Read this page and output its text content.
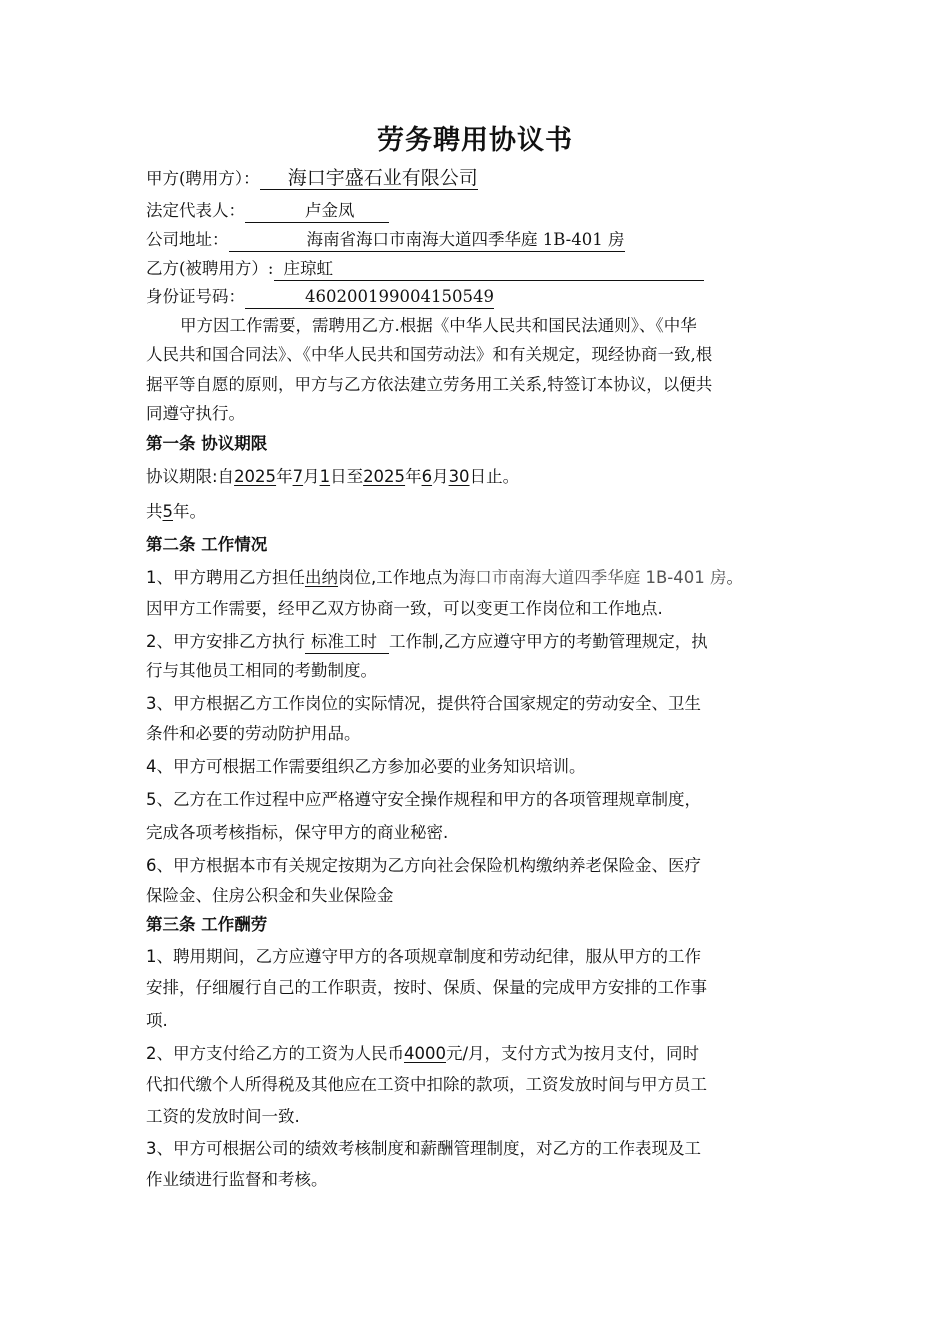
劳务聘用协议书
甲方(聘用方）： 海口宇盛石业有限公司
法定代表人：	卢金凤
公司地址：	海南省海口市南海大道四季华庭 1B-401 房
乙方(被聘用方）: 庄琼虹
身份证号码：	460200199004150549
甲方因工作需要，需聘用乙方.根据《中华人民共和国民法通则》、《中华
人民共和国合同法》、《中华人民共和国劳动法》和有关规定，现经协商一致,根
据平等自愿的原则，甲方与乙方依法建立劳务用工关系,特签订本协议，以便共
同遵守执行。
第一条 协议期限
协议期限:自2025年7月1日至2025年6月30日止。
共5年。
第二条 工作情况
1、甲方聘用乙方担任出纳岗位,工作地点为海口市南海大道四季华庭 1B-401 房。
因甲方工作需要，经甲乙双方协商一致，可以变更工作岗位和工作地点.
2、甲方安排乙方执行 标准工时 工作制,乙方应遵守甲方的考勤管理规定，执
行与其他员工相同的考勤制度。
3、甲方根据乙方工作岗位的实际情况，提供符合国家规定的劳动安全、卫生
条件和必要的劳动防护用品。
4、甲方可根据工作需要组织乙方参加必要的业务知识培训。
5、乙方在工作过程中应严格遵守安全操作规程和甲方的各项管理规章制度，
完成各项考核指标，保守甲方的商业秘密.
6、甲方根据本市有关规定按期为乙方向社会保险机构缴纳养老保险金、医疗
保险金、住房公积金和失业保险金
第三条 工作酬劳
1、聘用期间，乙方应遵守甲方的各项规章制度和劳动纪律，服从甲方的工作
安排，仔细履行自己的工作职责，按时、保质、保量的完成甲方安排的工作事
项.
2、甲方支付给乙方的工资为人民币4000元/月，支付方式为按月支付，同时
代扣代缴个人所得税及其他应在工资中扣除的款项，工资发放时间与甲方员工
工资的发放时间一致.
3、甲方可根据公司的绩效考核制度和薪酬管理制度，对乙方的工作表现及工
作业绩进行监督和考核。
